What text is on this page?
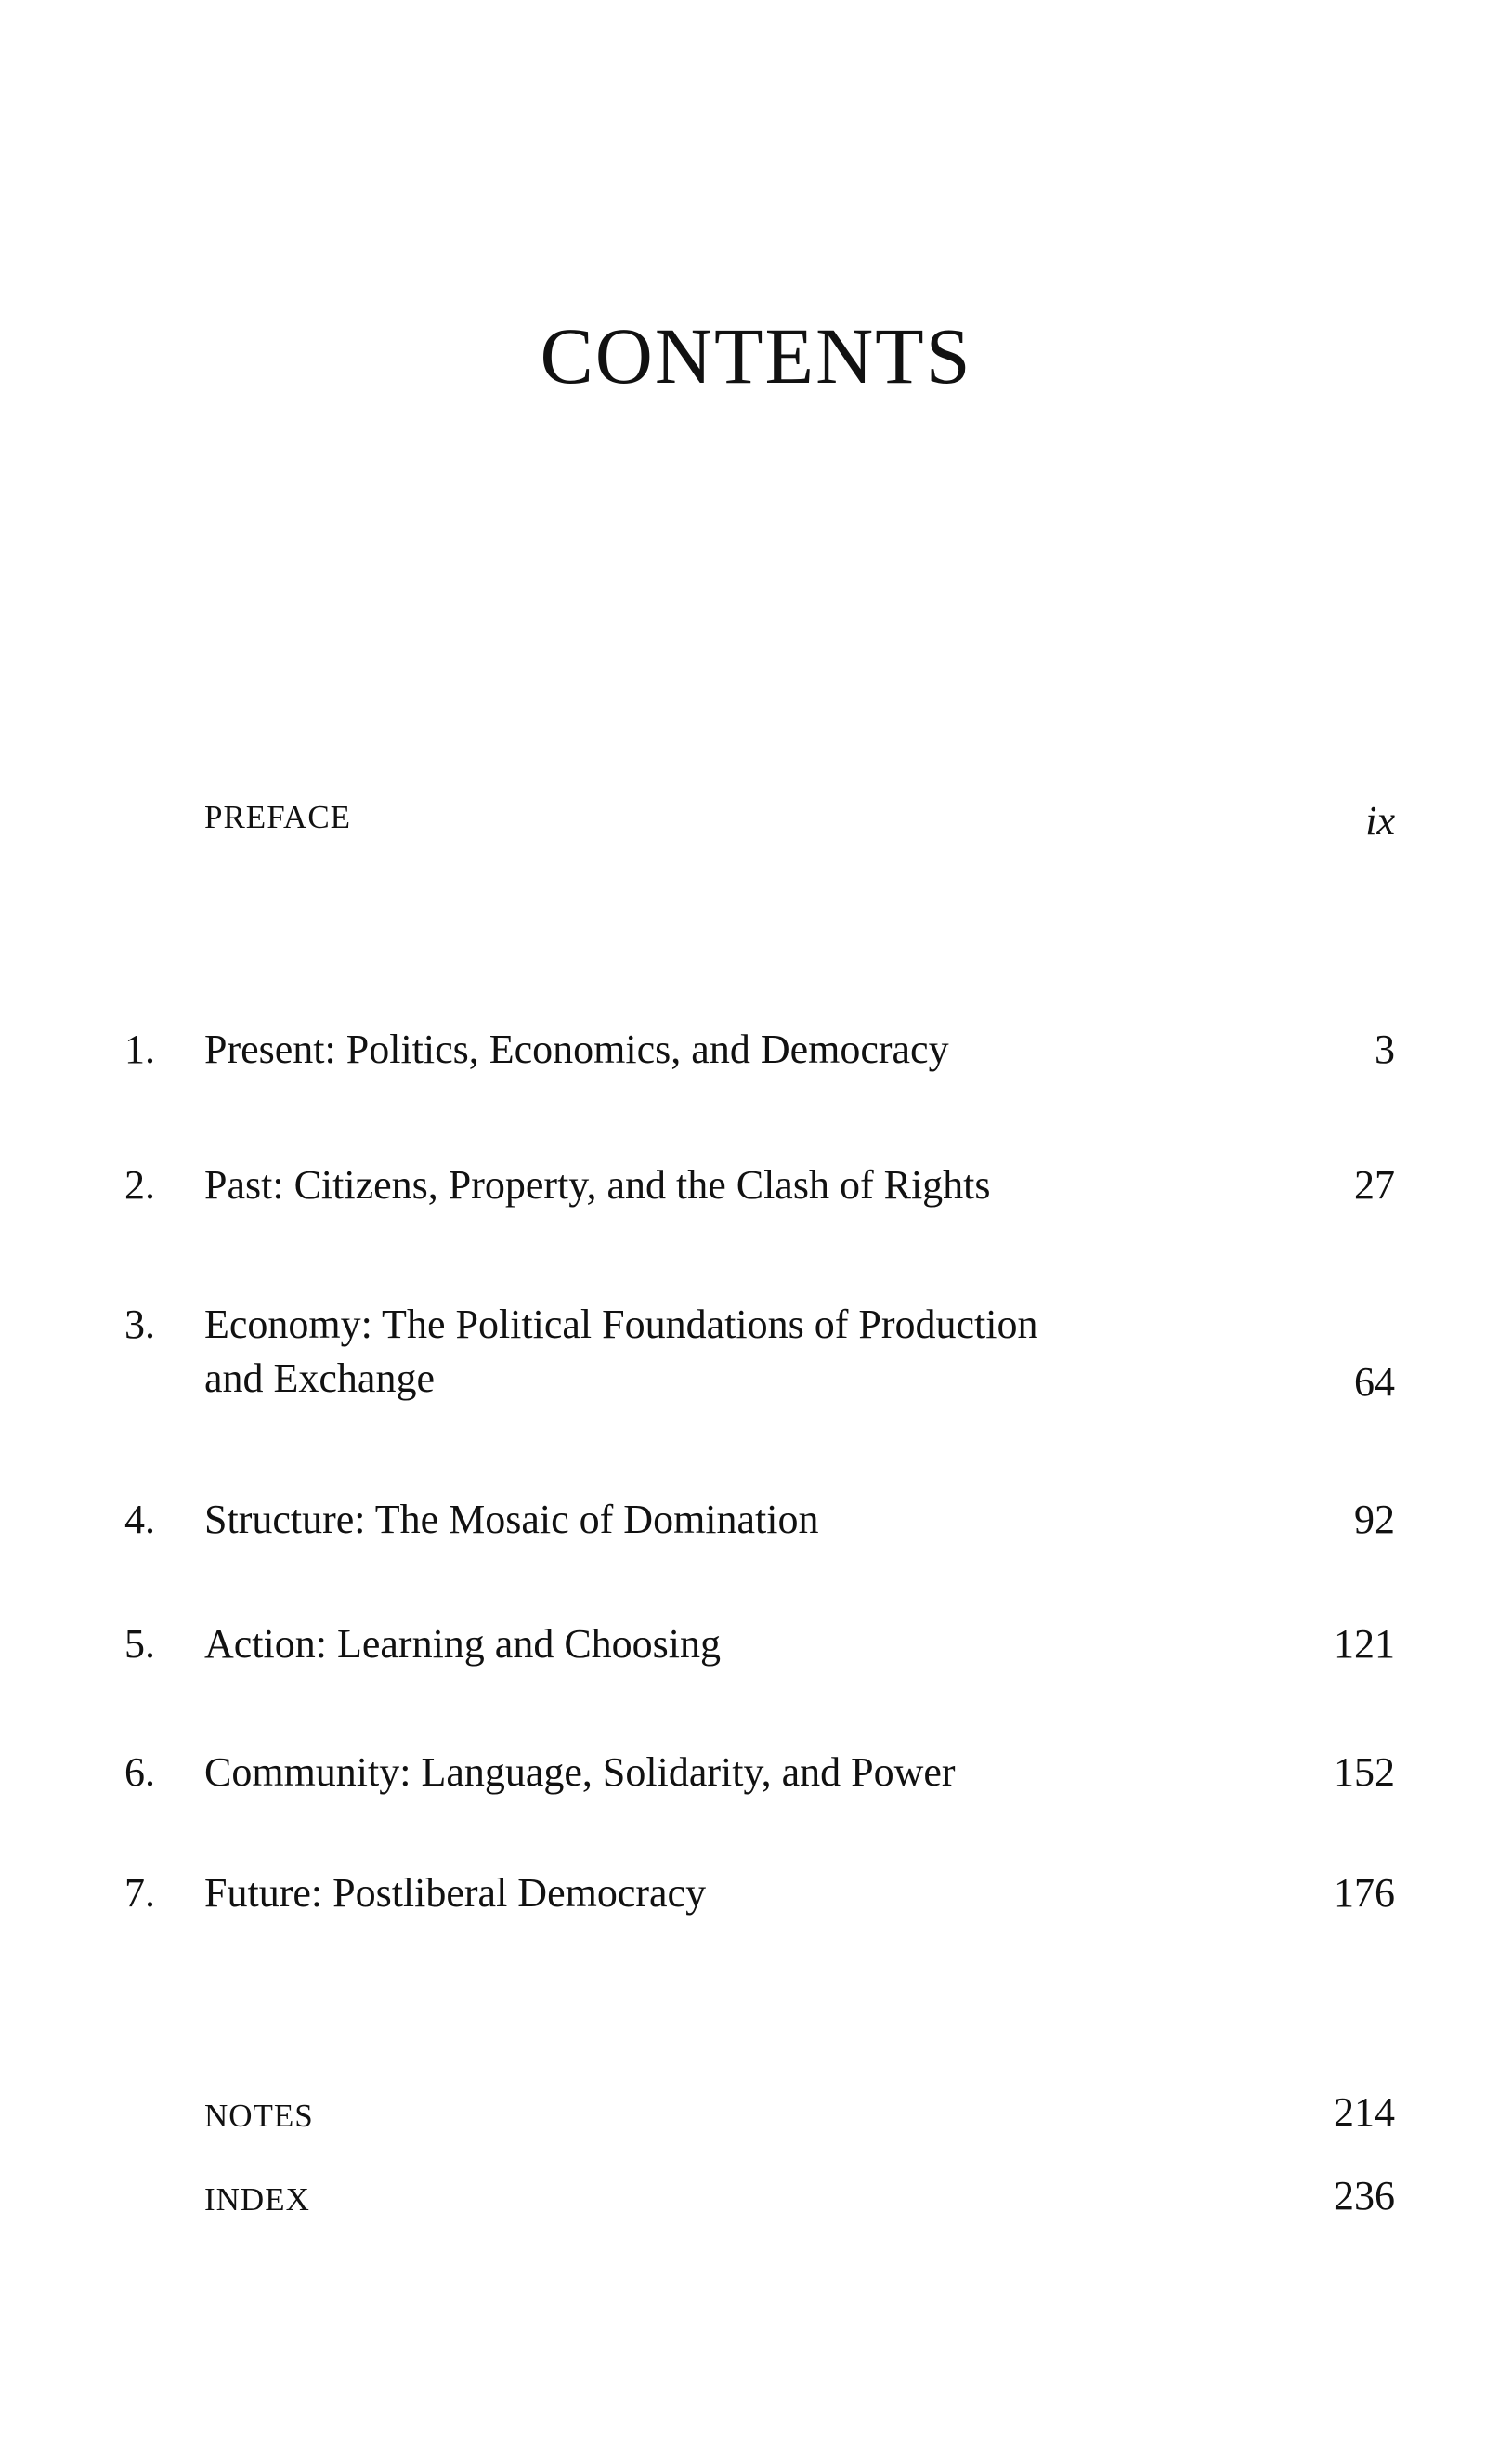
CONTENTS
PREFACE	ix
1. Present: Politics, Economics, and Democracy	3
2. Past: Citizens, Property, and the Clash of Rights	27
3. Economy: The Political Foundations of Production
and Exchange	64
4. Structure: The Mosaic of Domination	92
5. Action: Learning and Choosing	121
6. Community: Language, Solidarity, and Power	152
7. Future: Postliberal Democracy	176
NOTES	214
INDEX	236
